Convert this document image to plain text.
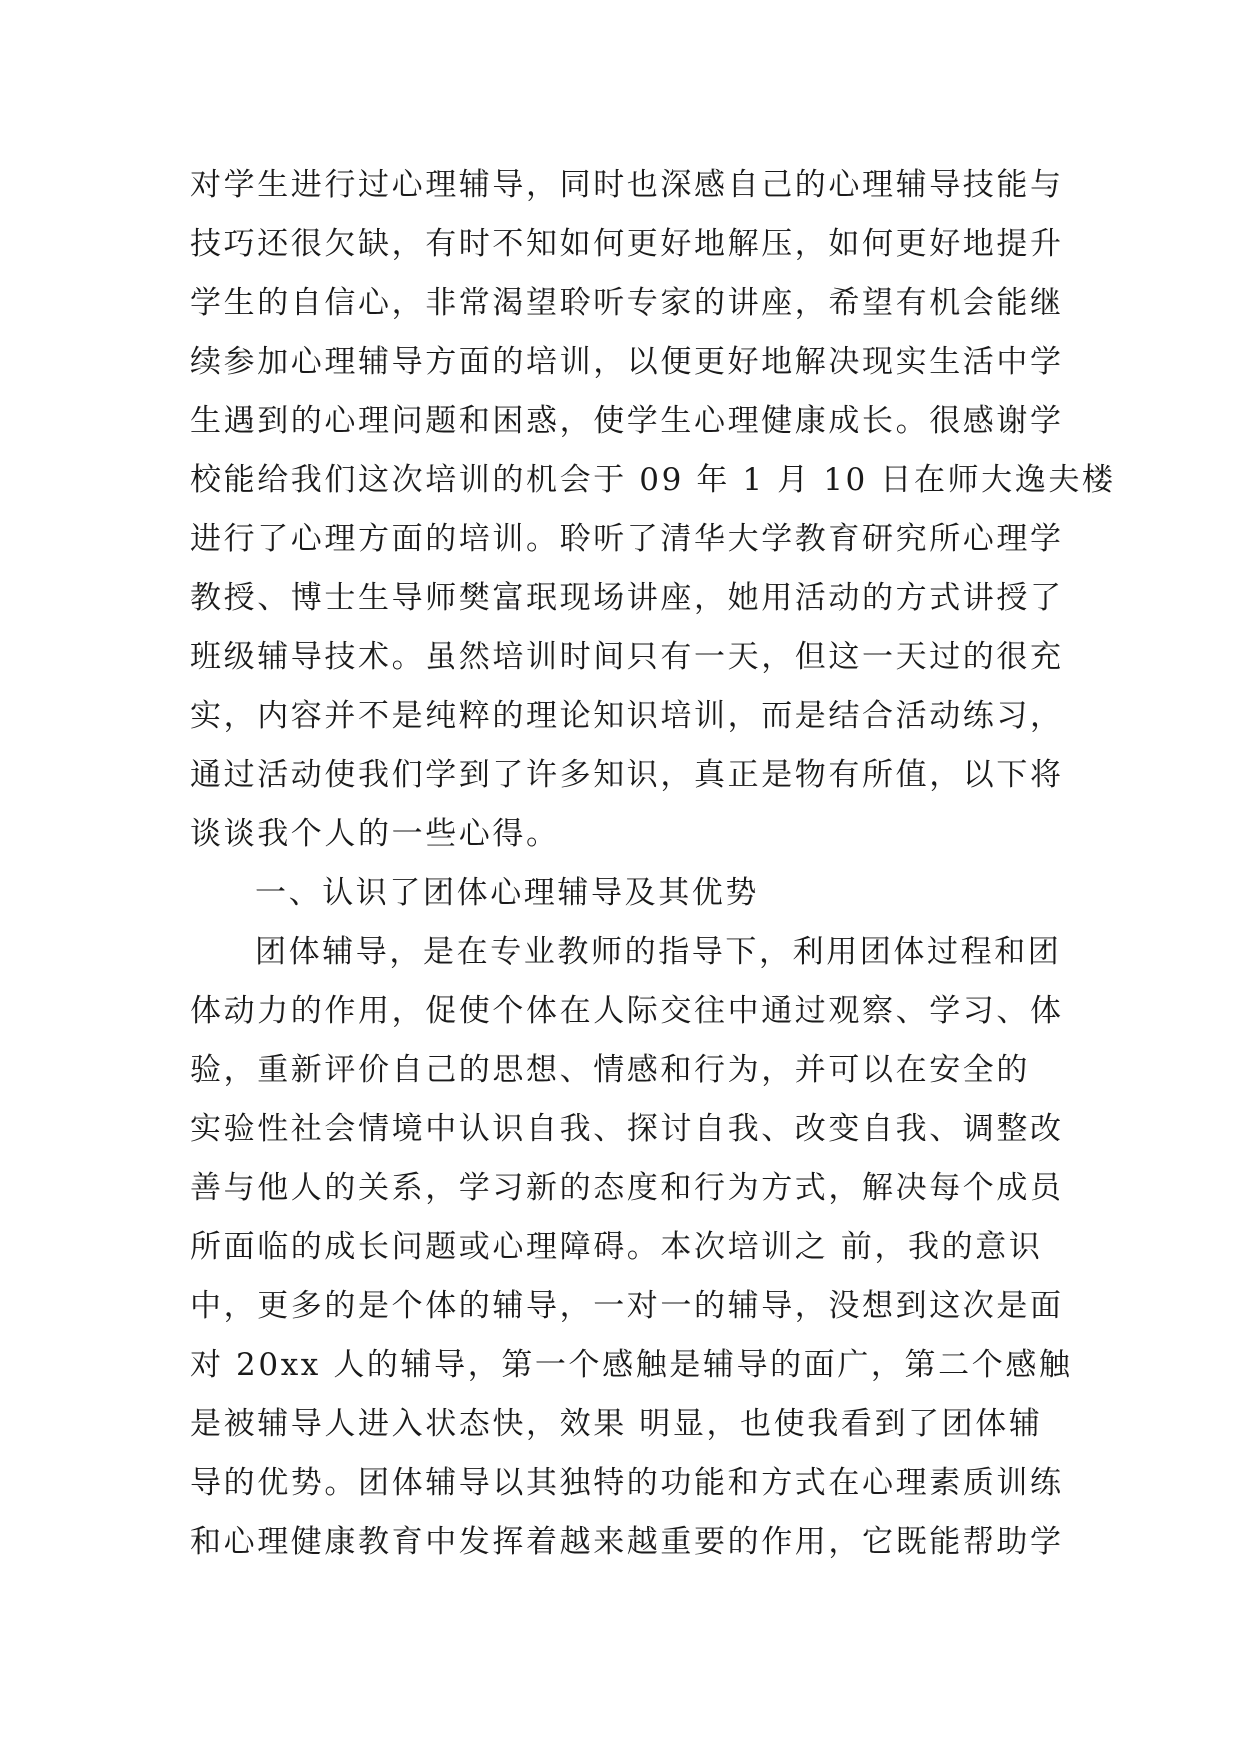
对学生进行过心理辅导，同时也深感自己的心理辅导技能与
技巧还很欠缺，有时不知如何更好地解压，如何更好地提升
学生的自信心，非常渴望聆听专家的讲座，希望有机会能继
续参加心理辅导方面的培训，以便更好地解决现实生活中学
生遇到的心理问题和困惑，使学生心理健康成长。很感谢学
校能给我们这次培训的机会于 09 年 1 月 10 日在师大逸夫楼
进行了心理方面的培训。聆听了清华大学教育研究所心理学
教授、博士生导师樊富珉现场讲座，她用活动的方式讲授了
班级辅导技术。虽然培训时间只有一天，但这一天过的很充
实，内容并不是纯粹的理论知识培训，而是结合活动练习，
通过活动使我们学到了许多知识，真正是物有所值，以下将
谈谈我个人的一些心得。
一、认识了团体心理辅导及其优势
团体辅导，是在专业教师的指导下，利用团体过程和团
体动力的作用，促使个体在人际交往中通过观察、学习、体
验，重新评价自己的思想、情感和行为，并可以在安全的
实验性社会情境中认识自我、探讨自我、改变自我、调整改
善与他人的关系，学习新的态度和行为方式，解决每个成员
所面临的成长问题或心理障碍。本次培训之 前，我的意识
中，更多的是个体的辅导，一对一的辅导，没想到这次是面
对 20xx 人的辅导，第一个感触是辅导的面广，第二个感触
是被辅导人进入状态快，效果 明显，也使我看到了团体辅
导的优势。团体辅导以其独特的功能和方式在心理素质训练
和心理健康教育中发挥着越来越重要的作用，它既能帮助学
